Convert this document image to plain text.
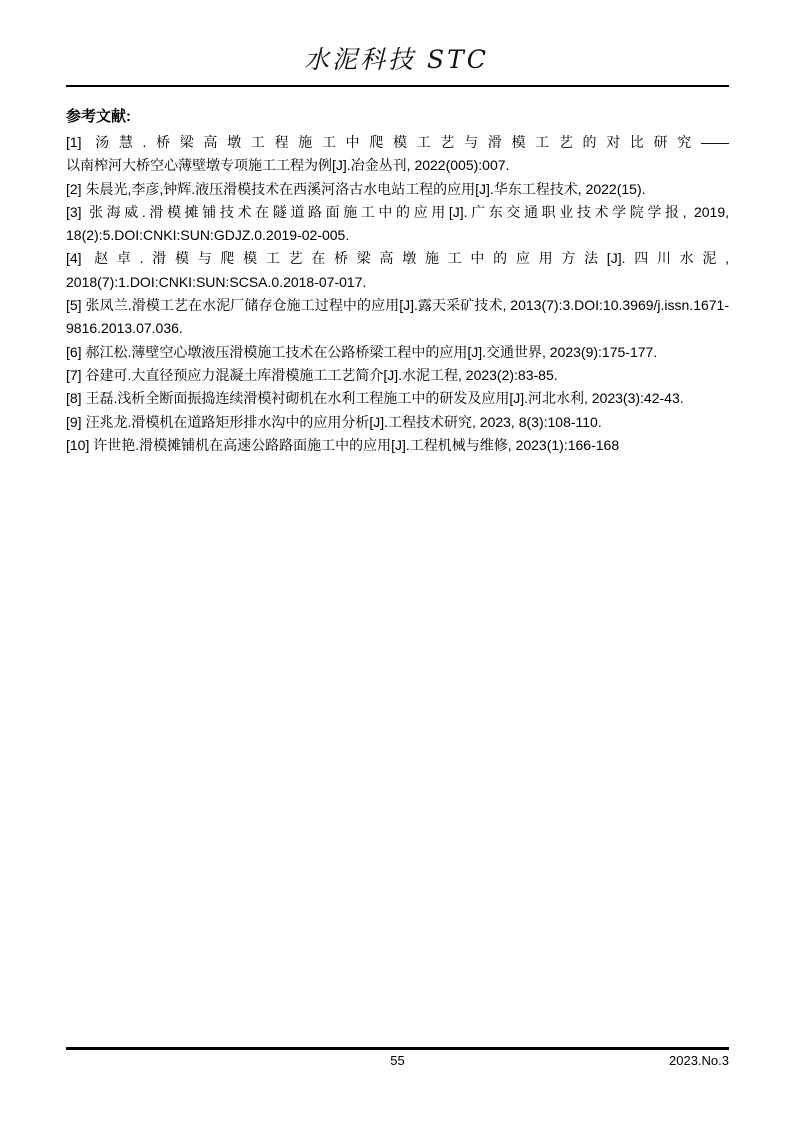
水泥科技 STC
参考文献:

[1] 汤慧.桥梁高墩工程施工中爬模工艺与滑模工艺的对比研究——以南榨河大桥空心薄壁墩专项施工工程为例[J].冶金丛刊, 2022(005):007.

[2] 朱晨光,李彦,钟辉.液压滑模技术在西溪河洛古水电站工程的应用[J].华东工程技术, 2022(15).

[3] 张海威.滑模摊铺技术在隧道路面施工中的应用[J].广东交通职业技术学院学报, 2019, 18(2):5.DOI:CNKI:SUN:GDJZ.0.2019-02-005.

[4] 赵卓.滑模与爬模工艺在桥梁高墩施工中的应用方法[J].四川水泥, 2018(7):1.DOI:CNKI:SUN:SCSA.0.2018-07-017.

[5] 张凤兰.滑模工艺在水泥厂储存仓施工过程中的应用[J].露天采矿技术, 2013(7):3.DOI:10.3969/j.issn.1671-9816.2013.07.036.

[6] 郝江松.薄壁空心墩液压滑模施工技术在公路桥梁工程中的应用[J].交通世界, 2023(9):175-177.

[7] 谷建可.大直径预应力混凝土库滑模施工工艺简介[J].水泥工程, 2023(2):83-85.

[8] 王磊.浅析全断面振捣连续滑模衬砌机在水利工程施工中的研发及应用[J].河北水利, 2023(3):42-43.

[9] 汪兆龙.滑模机在道路矩形排水沟中的应用分析[J].工程技术研究, 2023, 8(3):108-110.

[10] 许世艳.滑模摊铺机在高速公路路面施工中的应用[J].工程机械与维修, 2023(1):166-168

55	2023.No.3
